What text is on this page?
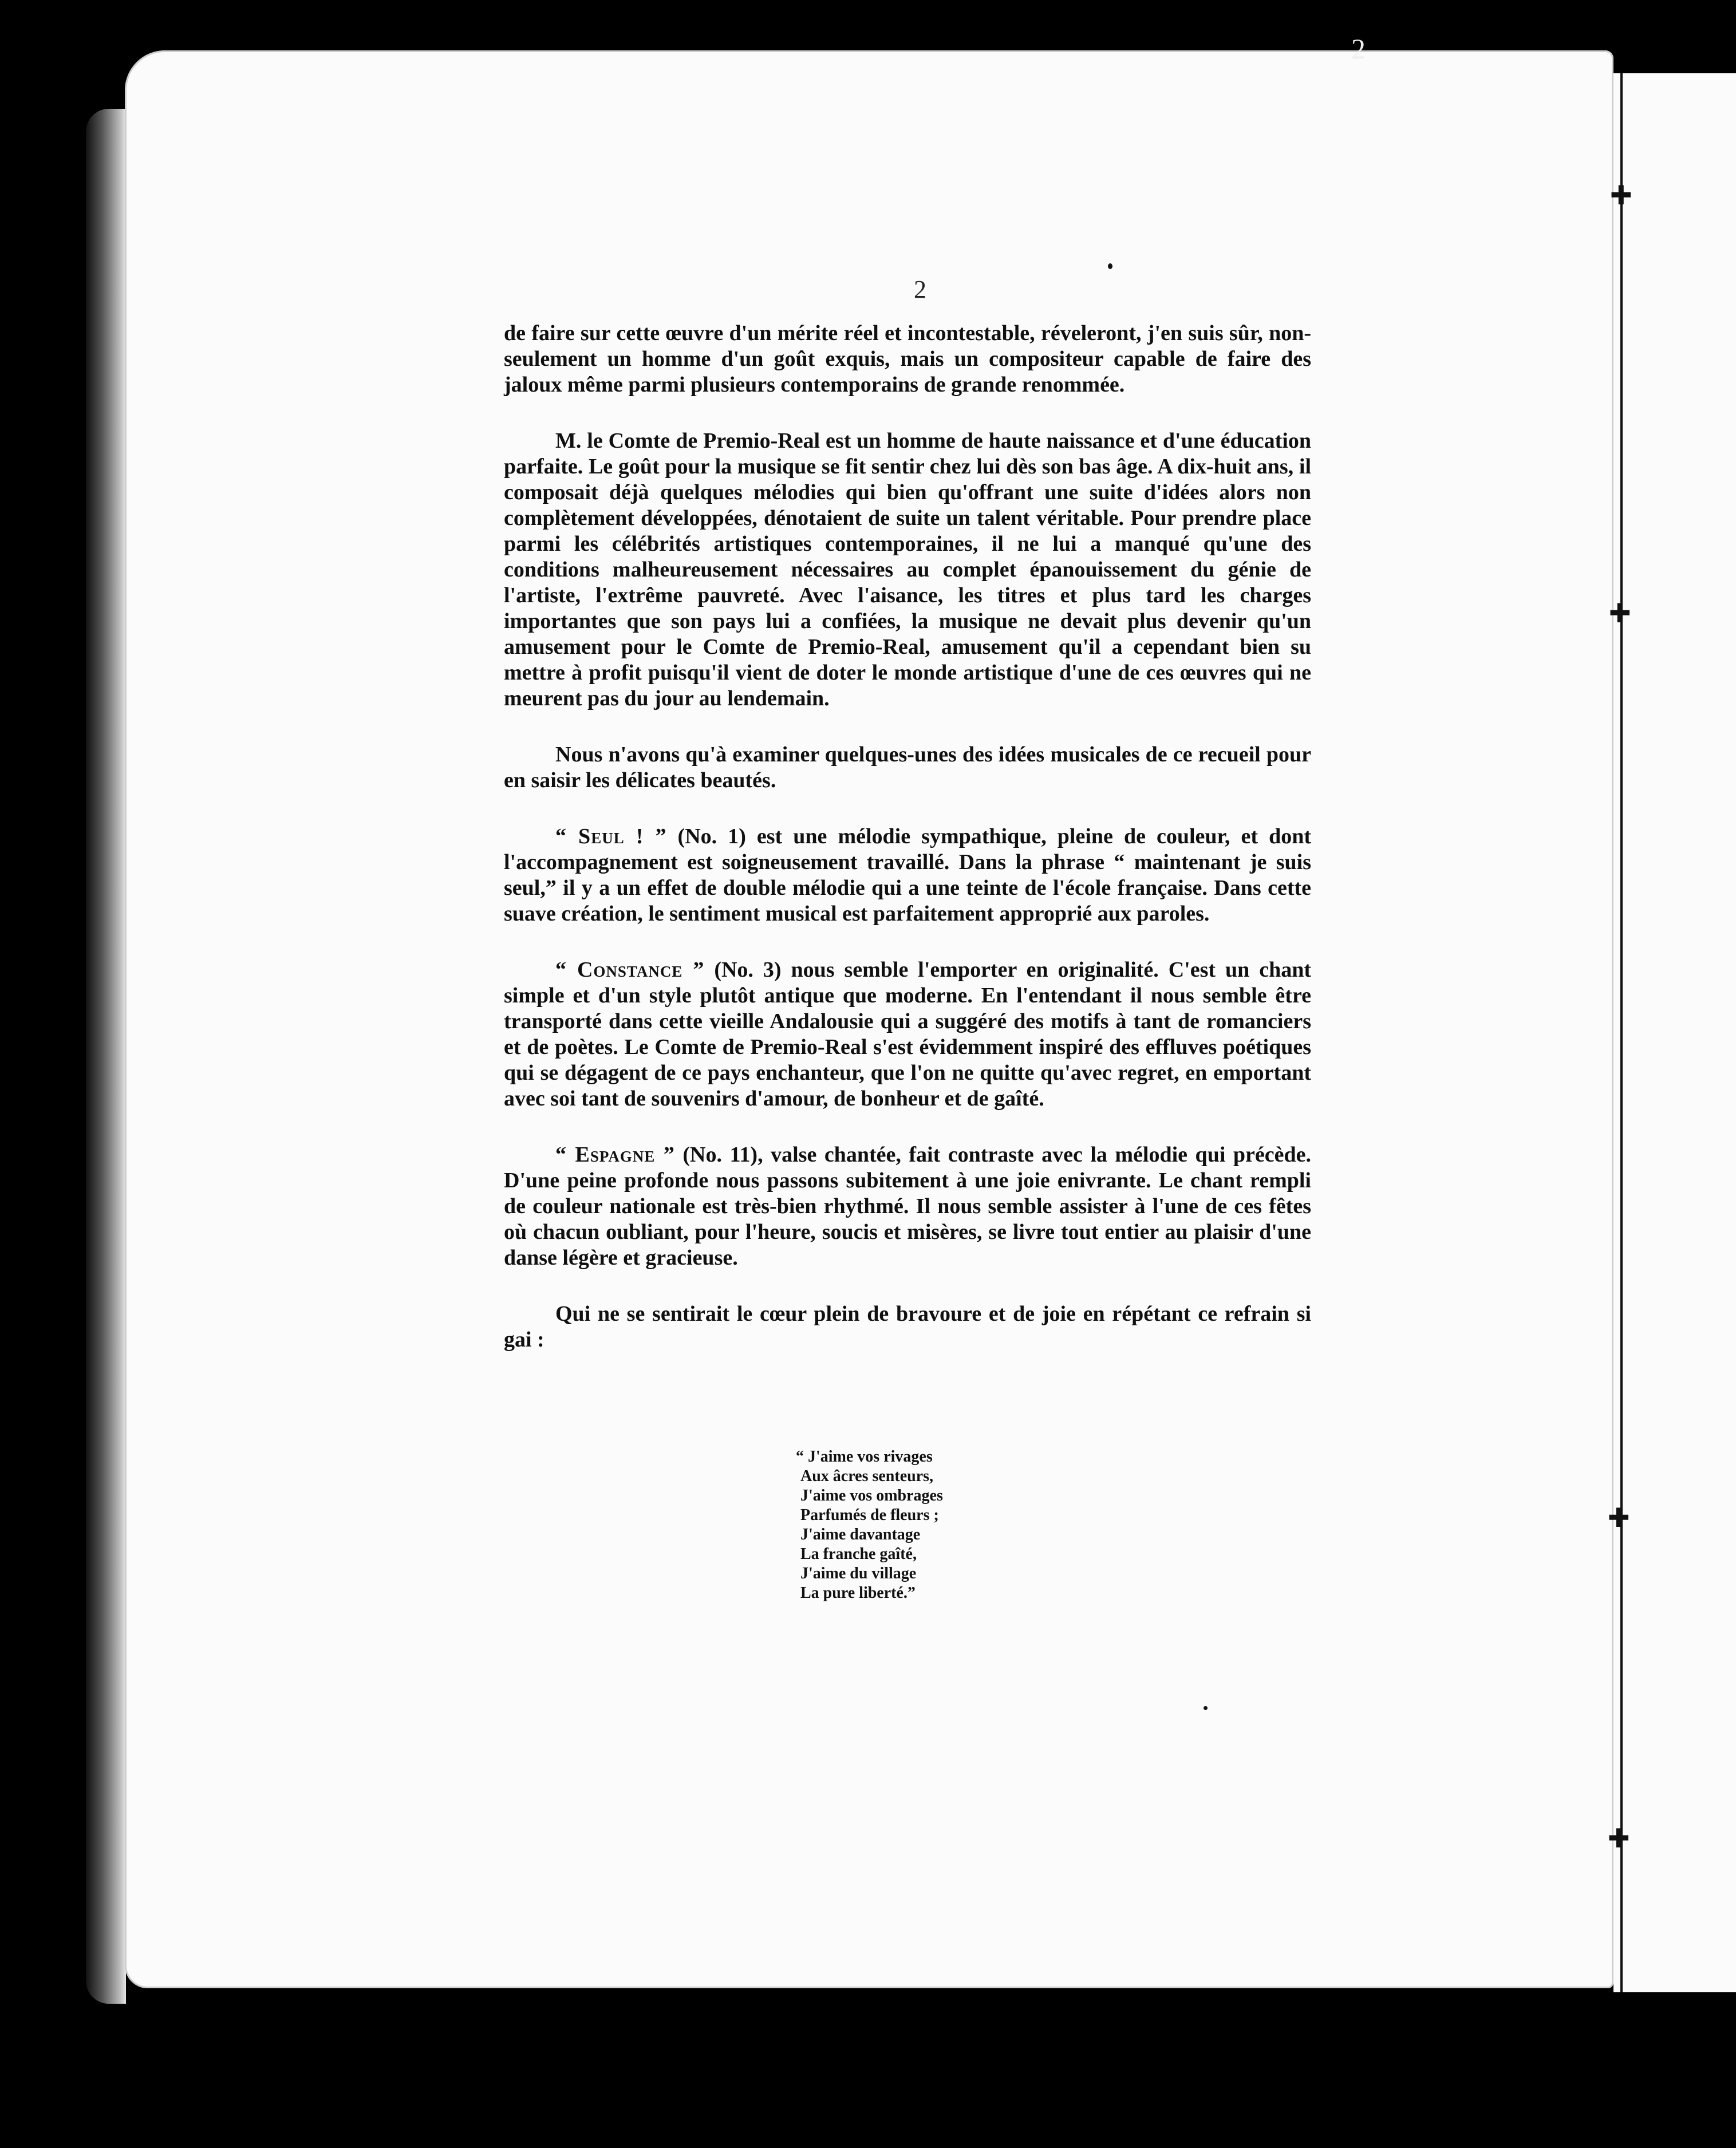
✚
✚
✚
✚
2
2

de faire sur cette œuvre d'un mérite réel et incontestable, réveleront, j'en suis sûr, non-seulement un homme d'un goût exquis, mais un compositeur capable de faire des jaloux même parmi plusieurs contemporains de grande renommée.

M. le Comte de Premio-Real est un homme de haute naissance et d'une éducation parfaite. Le goût pour la musique se fit sentir chez lui dès son bas âge. A dix-huit ans, il composait déjà quelques mélodies qui bien qu'offrant une suite d'idées alors non complètement développées, dénotaient de suite un talent véritable. Pour prendre place parmi les célébrités artistiques contemporaines, il ne lui a manqué qu'une des conditions malheureusement nécessaires au complet épanouissement du génie de l'artiste, l'extrême pauvreté. Avec l'aisance, les titres et plus tard les charges importantes que son pays lui a confiées, la musique ne devait plus devenir qu'un amusement pour le Comte de Premio-Real, amusement qu'il a cependant bien su mettre à profit puisqu'il vient de doter le monde artistique d'une de ces œuvres qui ne meurent pas du jour au lendemain.

Nous n'avons qu'à examiner quelques-unes des idées musicales de ce recueil pour en saisir les délicates beautés.

“ Seul ! ” (No. 1) est une mélodie sympathique, pleine de couleur, et dont l'accompagnement est soigneusement travaillé. Dans la phrase “ maintenant je suis seul,” il y a un effet de double mélodie qui a une teinte de l'école française. Dans cette suave création, le sentiment musical est parfaitement approprié aux paroles.

“ Constance ” (No. 3) nous semble l'emporter en originalité. C'est un chant simple et d'un style plutôt antique que moderne. En l'entendant il nous semble être transporté dans cette vieille Andalousie qui a suggéré des motifs à tant de romanciers et de poètes. Le Comte de Premio-Real s'est évidemment inspiré des effluves poétiques qui se dégagent de ce pays enchanteur, que l'on ne quitte qu'avec regret, en emportant avec soi tant de souvenirs d'amour, de bonheur et de gaîté.

“ Espagne ” (No. 11), valse chantée, fait contraste avec la mélodie qui précède. D'une peine profonde nous passons subitement à une joie enivrante. Le chant rempli de couleur nationale est très-bien rhythmé. Il nous semble assister à l'une de ces fêtes où chacun oubliant, pour l'heure, soucis et misères, se livre tout entier au plaisir d'une danse légère et gracieuse.

Qui ne se sentirait le cœur plein de bravoure et de joie en répétant ce refrain si gai :

“ J'aime vos rivages
Aux âcres senteurs,
J'aime vos ombrages
Parfumés de fleurs ;
J'aime davantage
La franche gaîté,
J'aime du village
La pure liberté.”
